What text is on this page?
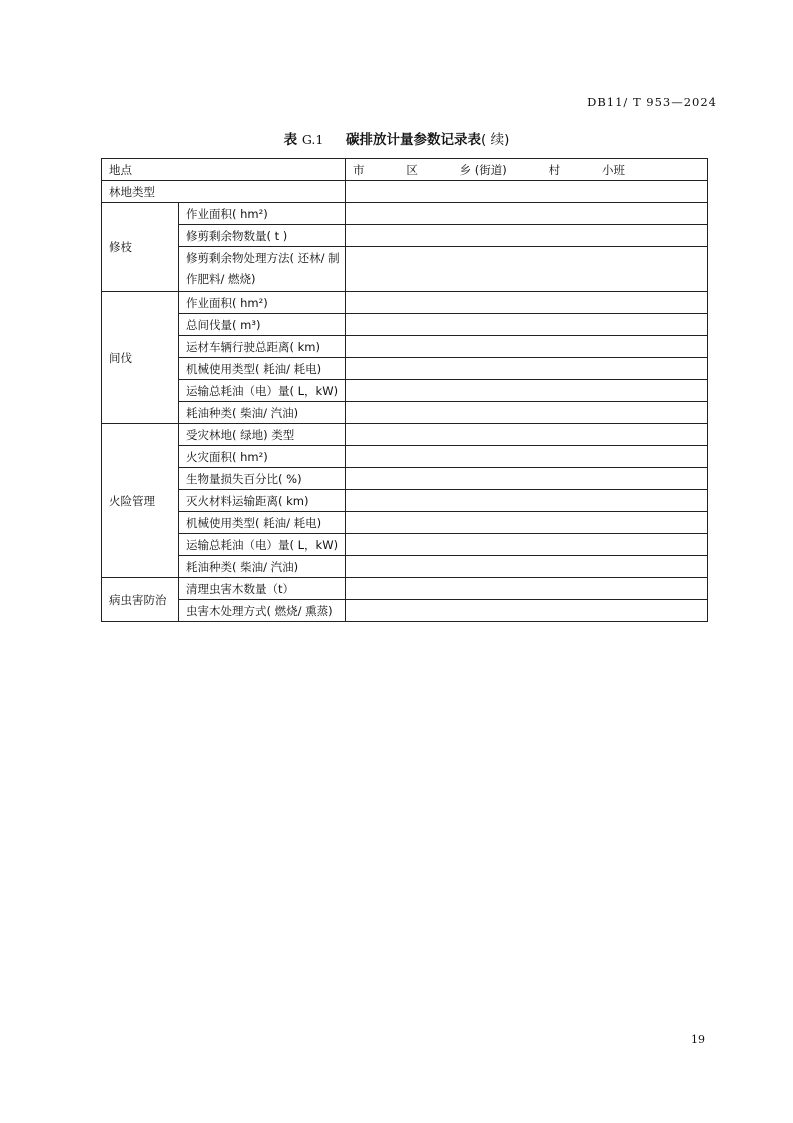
DB11/ T 953—2024
表 G.1 碳排放计量参数记录表( 续)
地点		市 区 乡 (街道) 村 小班

林地类型		
修枝	作业面积( hm²)	
	修剪剩余物数量( t )	
	修剪剩余物处理方法( 还林/ 制作肥料/ 燃烧)	

间伐	作业面积( hm²)	
	总间伐量( m³)	
	运材车辆行驶总距离( km)	
	机械使用类型( 耗油/ 耗电)	
	运输总耗油（电）量( L，kW)	
	耗油种类( 柴油/ 汽油)	
火险管理	受灾林地( 绿地) 类型	
	火灾面积( hm²)	
	生物量损失百分比( %)	
	灭火材料运输距离( km)	
	机械使用类型( 耗油/ 耗电)	
	运输总耗油（电）量( L，kW)	
	耗油种类( 柴油/ 汽油)	
病虫害防治	清理虫害木数量（t）	
	虫害木处理方式( 燃烧/ 熏蒸)	
19
